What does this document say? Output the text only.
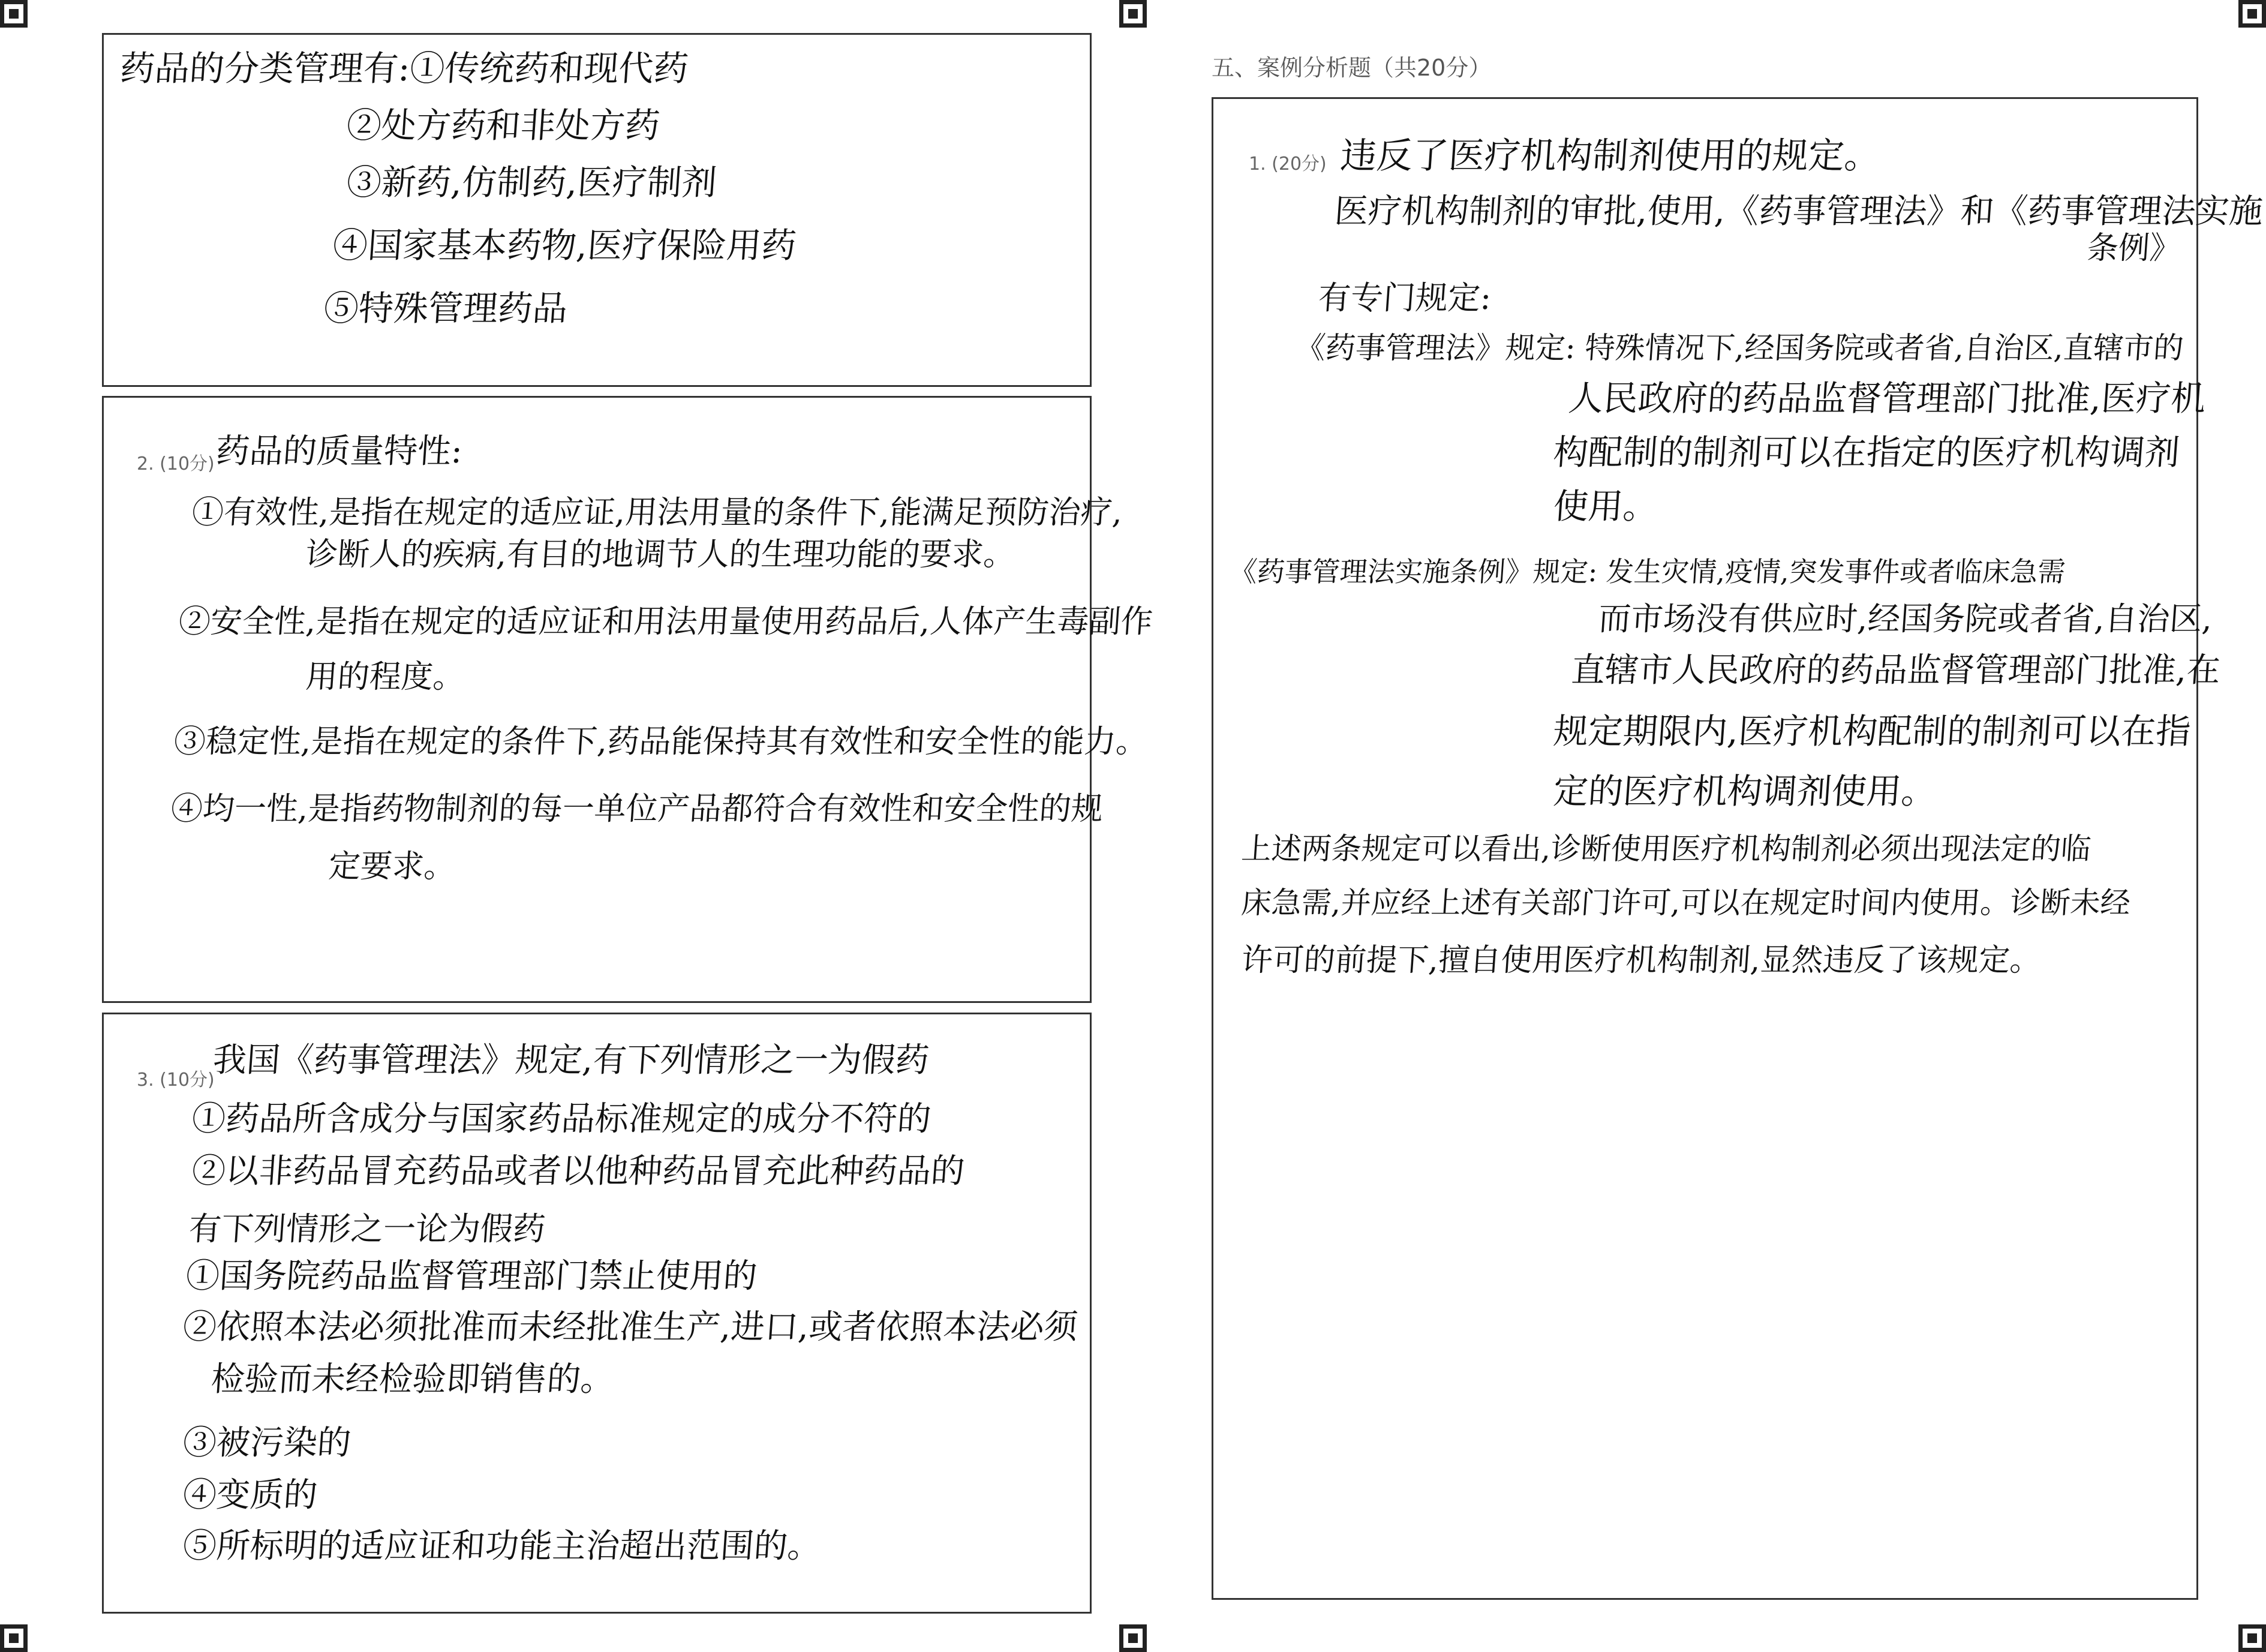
药品的分类管理有:①传统药和现代药
②处方药和非处方药
③新药,仿制药,医疗制剂
④国家基本药物,医疗保险用药
⑤特殊管理药品
2. (10分) 药品的质量特性:
①有效性,是指在规定的适应证,用法用量的条件下,能满足预防治疗,
诊断人的疾病,有目的地调节人的生理功能的要求。
②安全性,是指在规定的适应证和用法用量使用药品后,人体产生毒副作
用的程度。
③稳定性,是指在规定的条件下,药品能保持其有效性和安全性的能力。
④均一性,是指药物制剂的每一单位产品都符合有效性和安全性的规
定要求。
3. (10分)
我国《药事管理法》规定,有下列情形之一为假药
①药品所含成分与国家药品标准规定的成分不符的
②以非药品冒充药品或者以他种药品冒充此种药品的
有下列情形之一论为假药
①国务院药品监督管理部门禁止使用的
②依照本法必须批准而未经批准生产,进口,或者依照本法必须
检验而未经检验即销售的。
③被污染的
④变质的
⑤所标明的适应证和功能主治超出范围的。
五、案例分析题（共20分）
1. (20分) 违反了医疗机构制剂使用的规定。
医疗机构制剂的审批,使用,《药事管理法》和《药事管理法实施
条例》
有专门规定:
《药事管理法》规定: 特殊情况下,经国务院或者省,自治区,直辖市的
人民政府的药品监督管理部门批准,医疗机
构配制的制剂可以在指定的医疗机构调剂
使用。
《药事管理法实施条例》规定: 发生灾情,疫情,突发事件或者临床急需
而市场没有供应时,经国务院或者省,自治区,
直辖市人民政府的药品监督管理部门批准,在
规定期限内,医疗机构配制的制剂可以在指
定的医疗机构调剂使用。
上述两条规定可以看出,诊断使用医疗机构制剂必须出现法定的临
床急需,并应经上述有关部门许可,可以在规定时间内使用。诊断未经
许可的前提下,擅自使用医疗机构制剂,显然违反了该规定。
